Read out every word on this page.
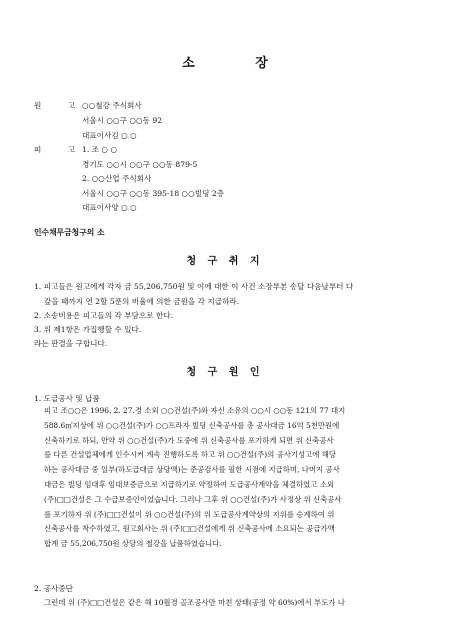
소 장
원 고
○○철강 주식회사
서울시 ○○구 ○○동 92
대표이사김 ○ ○
피 고
1. 조 ○ ○
경기도 ○○시 ○○구 ○○동 879-5
2. ○○산업 주식회사
서울시 ○○구 ○○동 395-18 ○○빌딩 2층
대표이사양 ○ ○
인수채무금청구의 소
청 구 취 지
1. 피고들은 원고에게 각자 금 55,206,750원 및 이에 대한 이 사건 소장부본 송달 다음날부터 다
갚을 때까지 연 2할 5푼의 비율에 의한 금원을 각 지급하라.
2. 소송비용은 피고들의 각 부담으로 한다.
3. 위 제1항은 가집행할 수 있다.
라는 판결을 구합니다.
청 구 원 인
1. 도급공사 및 납품
피고 조○○은 1996. 2. 27.경 소외 ○○건설(주)와 자신 소유의 ○○시 ○○동 121의 77 대지
588.6㎡지상에 위 ○○건설(주)가 ○○프라자 빌딩 신축공사를 총 공사대금 16억 5천만원에
신축하기로 하되, 만약 위 ○○건설(주)가 도중에 위 신축공사를 포기하게 되면 위 신축공사
를 다른 건설업체에게 인수시켜 계속 진행하도록 하고 위 ○○건설(주)의 공사기성고에 해당
하는 공사대금 중 일부(하도급대금 상당액)는 준공검사를 필한 시점에 지급하며, 나머지 공사
대금은 빌딩 임대후 임대보증금으로 지급하기로 약정하여 도급공사계약을 체결하였고 소외
(주)□□건설은 그 수급보증인이었습니다. 그러나 그후 위 ○○건설(주)가 사정상 위 신축공사
를 포기하자 위 (주)□□건설이 위 ○○건설(주)의 위 도급공사계약상의 지위를 승계하여 위
신축공사를 착수하였고, 원고회사는 위 (주)□□건설에게 위 신축공사에 소요되는 공급가액
합계 금 55,206,750원 상당의 철강을 납품하였습니다.
2. 공사중단
그런데 위 (주)□□건설은 같은 해 10월경 골조공사만 마친 상태(공정 약 60%)에서 부도가 나
